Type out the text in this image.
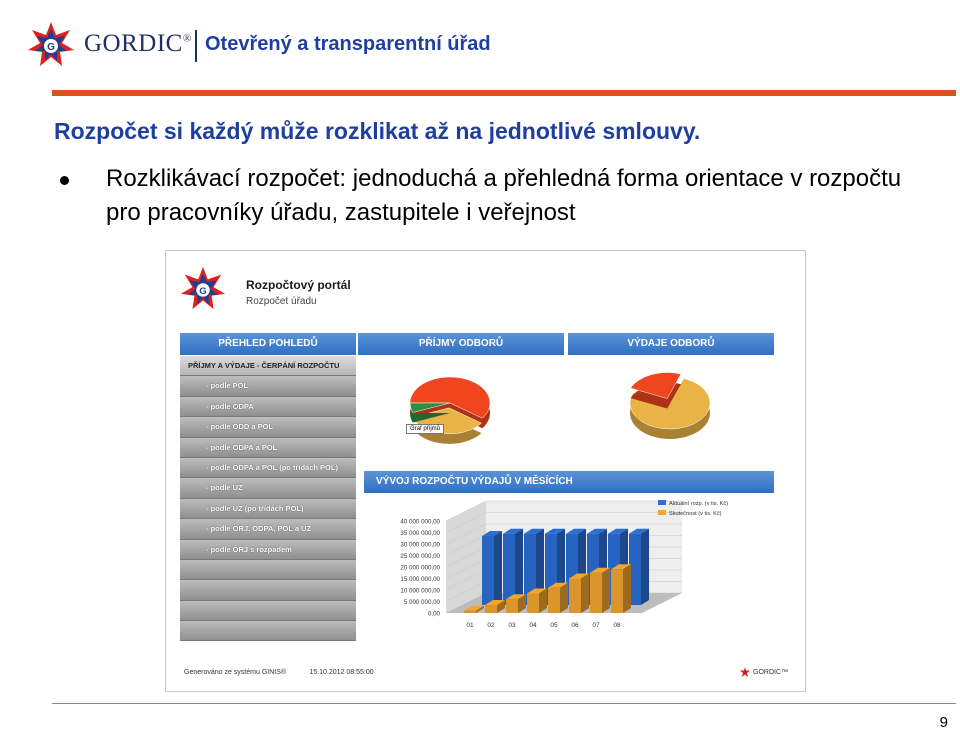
G GORDIC® Otevřený a transparentní úřad
Rozpočet si každý může rozklikat až na jednotlivé smlouvy.
Rozklikávací rozpočet: jednoduchá a přehledná forma orientace v rozpočtu pro pracovníky úřadu, zastupitele i veřejnost
G	Rozpočtový portál
Rozpočet úřadu
PŘEHLED POHLEDŮ	PŘÍJMY ODBORŮ	VÝDAJE ODBORŮ
PŘÍJMY A VÝDAJE - ČERPÁNÍ ROZPOČTU
- podle POL
- podle ODPA
- podle ODD a POL
- podle ODPA a POL
- podle ODPA a POL (po třídách POL)
- podle UZ
- podle UZ (po třídách POL)
- podle ORJ, ODPA, POL a UZ
- podle ORJ s rozpadem
Graf příjmů
VÝVOJ ROZPOČTU VÝDAJŮ V MĚSÍCÍCH
40 000 000,00
35 000 000,00
30 000 000,00
25 000 000,00
20 000 000,00
15 000 000,00
10 000 000,00
5 000 000,00
0,00
01 02 03 04 05 06 07 08
Aktuální rozp. (v tis. Kč)
Skutečnost (v tis. Kč)
Generováno ze systému GINIS®	15.10.2012 08:55:00	GORDIC™
9
